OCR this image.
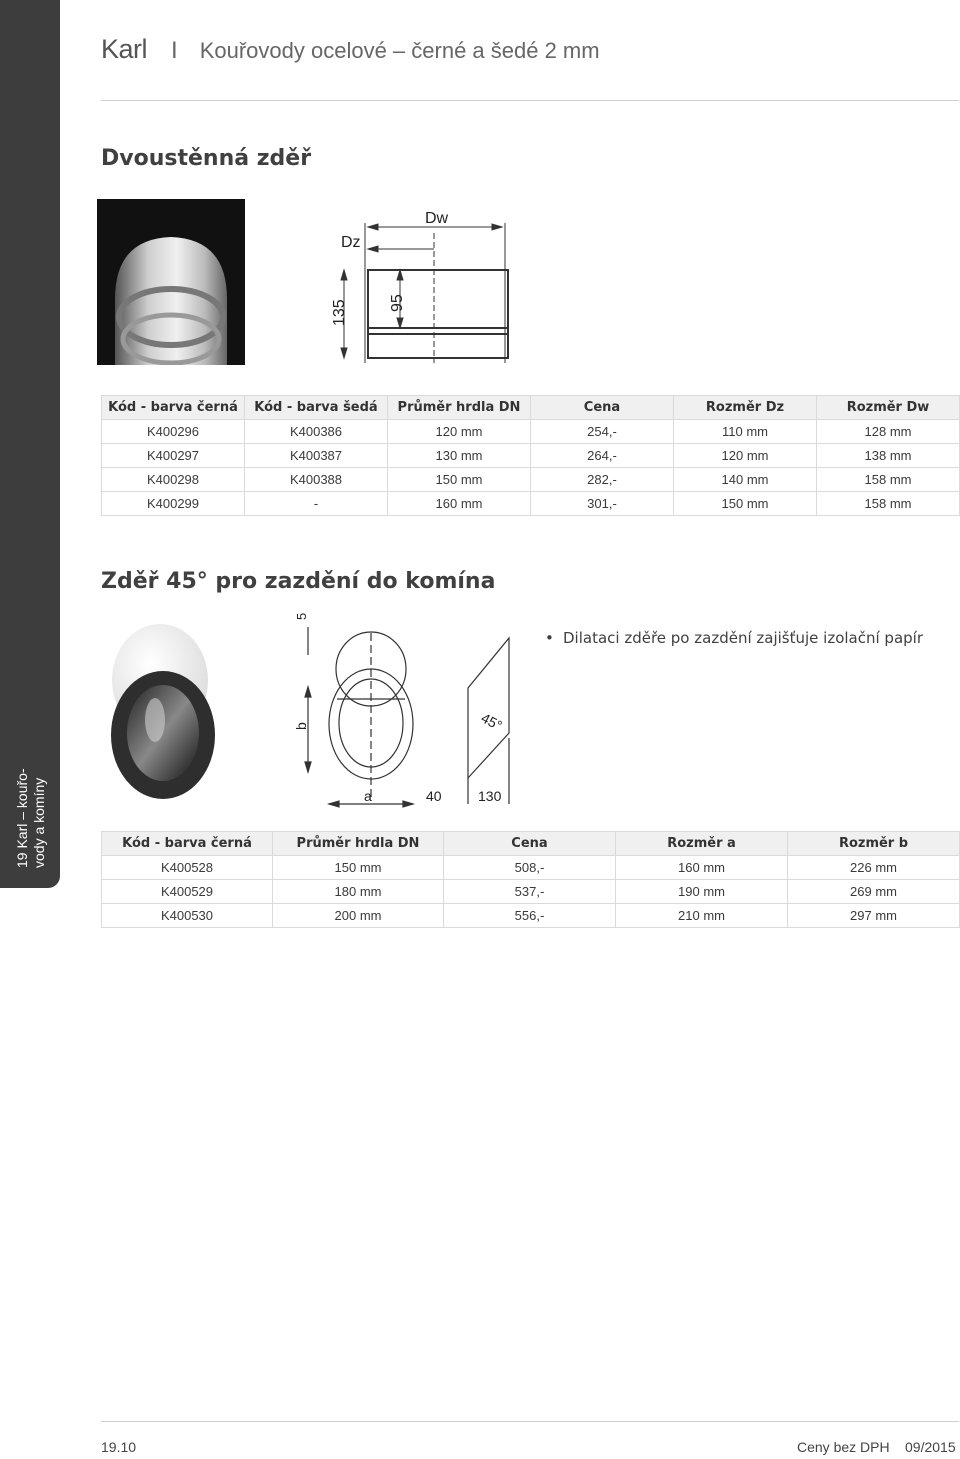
19 Karl – kouřo- vody a komíny
Karl I Kouřovody ocelové – černé a šedé 2 mm
Dvoustěnná zděř
Dw
Dz
135	95
Kód - barva černá	Kód - barva šedá	Průměr hrdla DN	Cena	Rozměr Dz	Rozměr Dw
K400296	K400386	120 mm	254,-	110 mm	128 mm
K400297	K400387	130 mm	264,-	120 mm	138 mm
K400298	K400388	150 mm	282,-	140 mm	158 mm
K400299	-	160 mm	301,-	150 mm	158 mm
Zděř 45° pro zazdění do komína
5
b
a	40	130
45°
• Dilataci zděře po zazdění zajišťuje izolační papír
Kód - barva černá	Průměr hrdla DN	Cena	Rozměr a	Rozměr b
K400528	150 mm	508,-	160 mm	226 mm
K400529	180 mm	537,-	190 mm	269 mm
K400530	200 mm	556,-	210 mm	297 mm
19.10	Ceny bez DPH 09/2015
